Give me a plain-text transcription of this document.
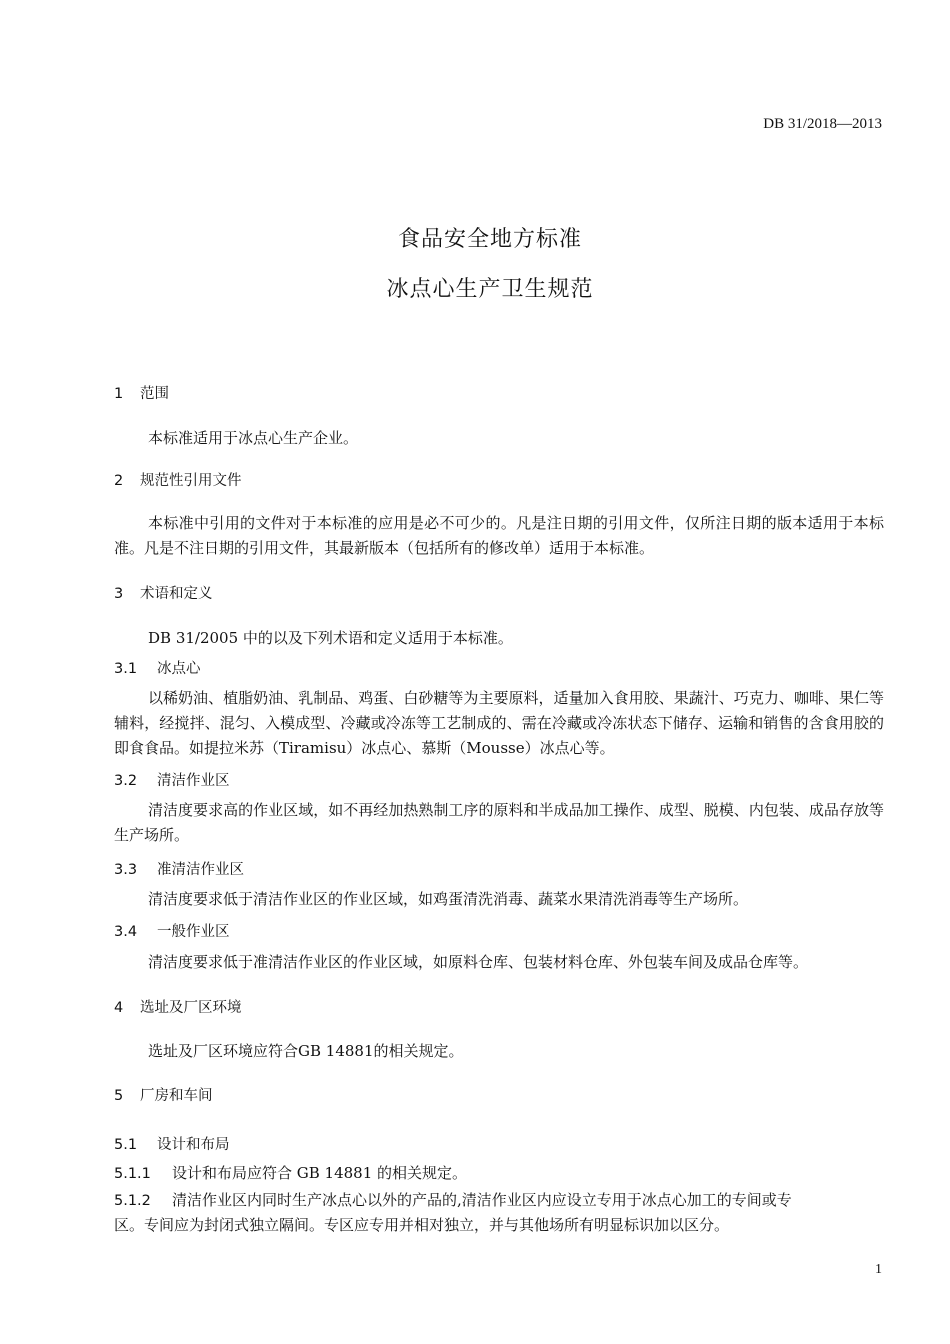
DB 31/2018—2013
食品安全地方标准
冰点心生产卫生规范
1 范围
本标准适用于冰点心生产企业。
2 规范性引用文件
本标准中引用的文件对于本标准的应用是必不可少的。凡是注日期的引用文件，仅所注日期的版本适用于本标准。凡是不注日期的引用文件，其最新版本（包括所有的修改单）适用于本标准。
3 术语和定义
DB 31/2005 中的以及下列术语和定义适用于本标准。
3.1 冰点心
以稀奶油、植脂奶油、乳制品、鸡蛋、白砂糖等为主要原料，适量加入食用胶、果蔬汁、巧克力、咖啡、果仁等辅料，经搅拌、混匀、入模成型、冷藏或冷冻等工艺制成的、需在冷藏或冷冻状态下储存、运输和销售的含食用胶的即食食品。如提拉米苏（Tiramisu）冰点心、慕斯（Mousse）冰点心等。
3.2 清洁作业区
清洁度要求高的作业区域，如不再经加热熟制工序的原料和半成品加工操作、成型、脱模、内包装、成品存放等生产场所。
3.3 准清洁作业区
清洁度要求低于清洁作业区的作业区域，如鸡蛋清洗消毒、蔬菜水果清洗消毒等生产场所。
3.4 一般作业区
清洁度要求低于准清洁作业区的作业区域，如原料仓库、包装材料仓库、外包装车间及成品仓库等。
4 选址及厂区环境
选址及厂区环境应符合GB 14881的相关规定。
5 厂房和车间
5.1 设计和布局
5.1.1 设计和布局应符合 GB 14881 的相关规定。
5.1.2 清洁作业区内同时生产冰点心以外的产品的,清洁作业区内应设立专用于冰点心加工的专间或专
区。专间应为封闭式独立隔间。专区应专用并相对独立，并与其他场所有明显标识加以区分。
1
